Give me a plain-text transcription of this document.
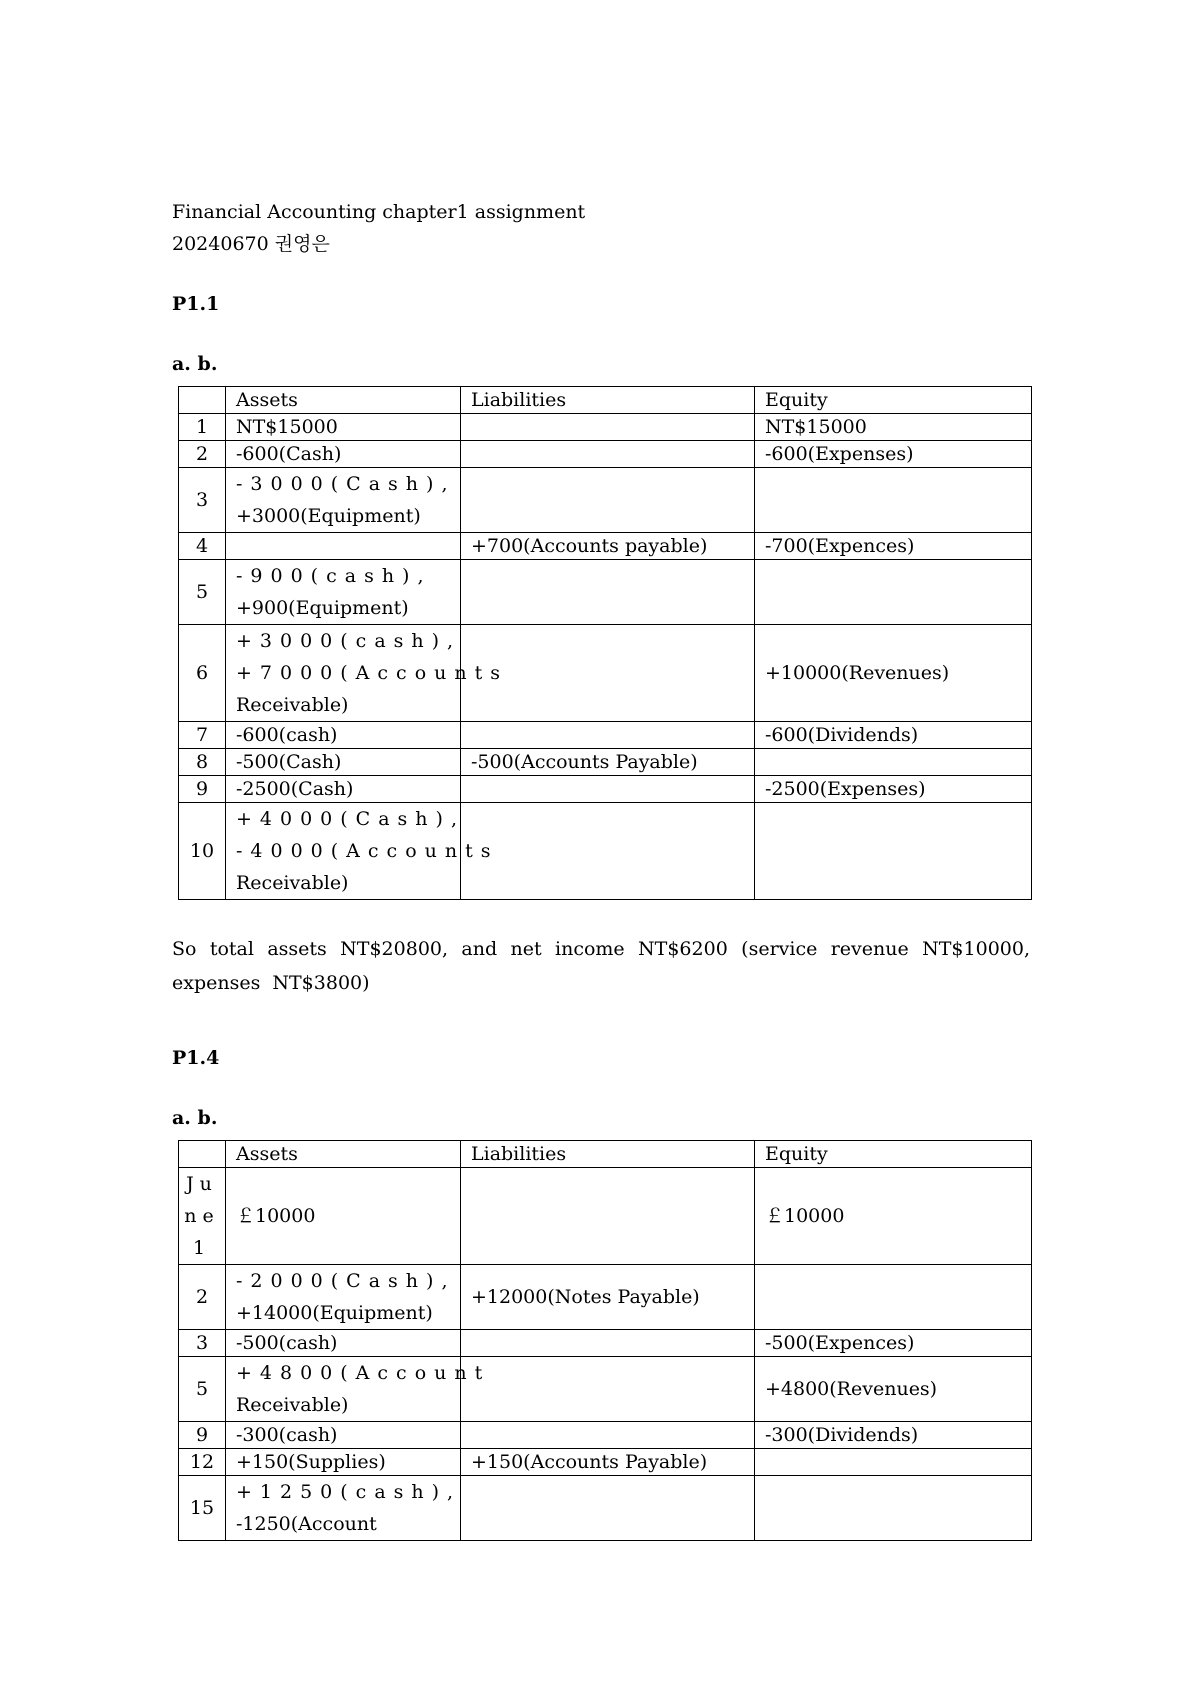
Financial Accounting chapter1 assignment
20240670 권영은
P1.1
a. b.
	Assets	Liabilities	Equity
1	NT$15000		NT$15000
2	-600(Cash)		-600(Expenses)
3	-3000(Cash),
+3000(Equipment)		

4		+700(Accounts payable)	-700(Expences)
5	-900(cash),
+900(Equipment)		

6	+3000(cash),
+7000(Accounts
Receivable)		+10000(Revenues)
7	-600(cash)		-600(Dividends)
8	-500(Cash)	-500(Accounts Payable)	
9	-2500(Cash)		-2500(Expenses)
10	+4000(Cash),
-4000(Accounts
Receivable)		

So total assets NT$20800, and net income NT$6200 (service revenue NT$10000, expenses NT$3800)
P1.4
a. b.
	Assets	Liabilities	Equity
June 1	￡10000		￡10000
2	-2000(Cash),
+14000(Equipment)	+12000(Notes Payable)	
3	-500(cash)		-500(Expences)
5	+4800(Account
Receivable)		+4800(Revenues)
9	-300(cash)		-300(Dividends)
12	+150(Supplies)	+150(Accounts Payable)	
15	+1250(cash),
-1250(Account		
